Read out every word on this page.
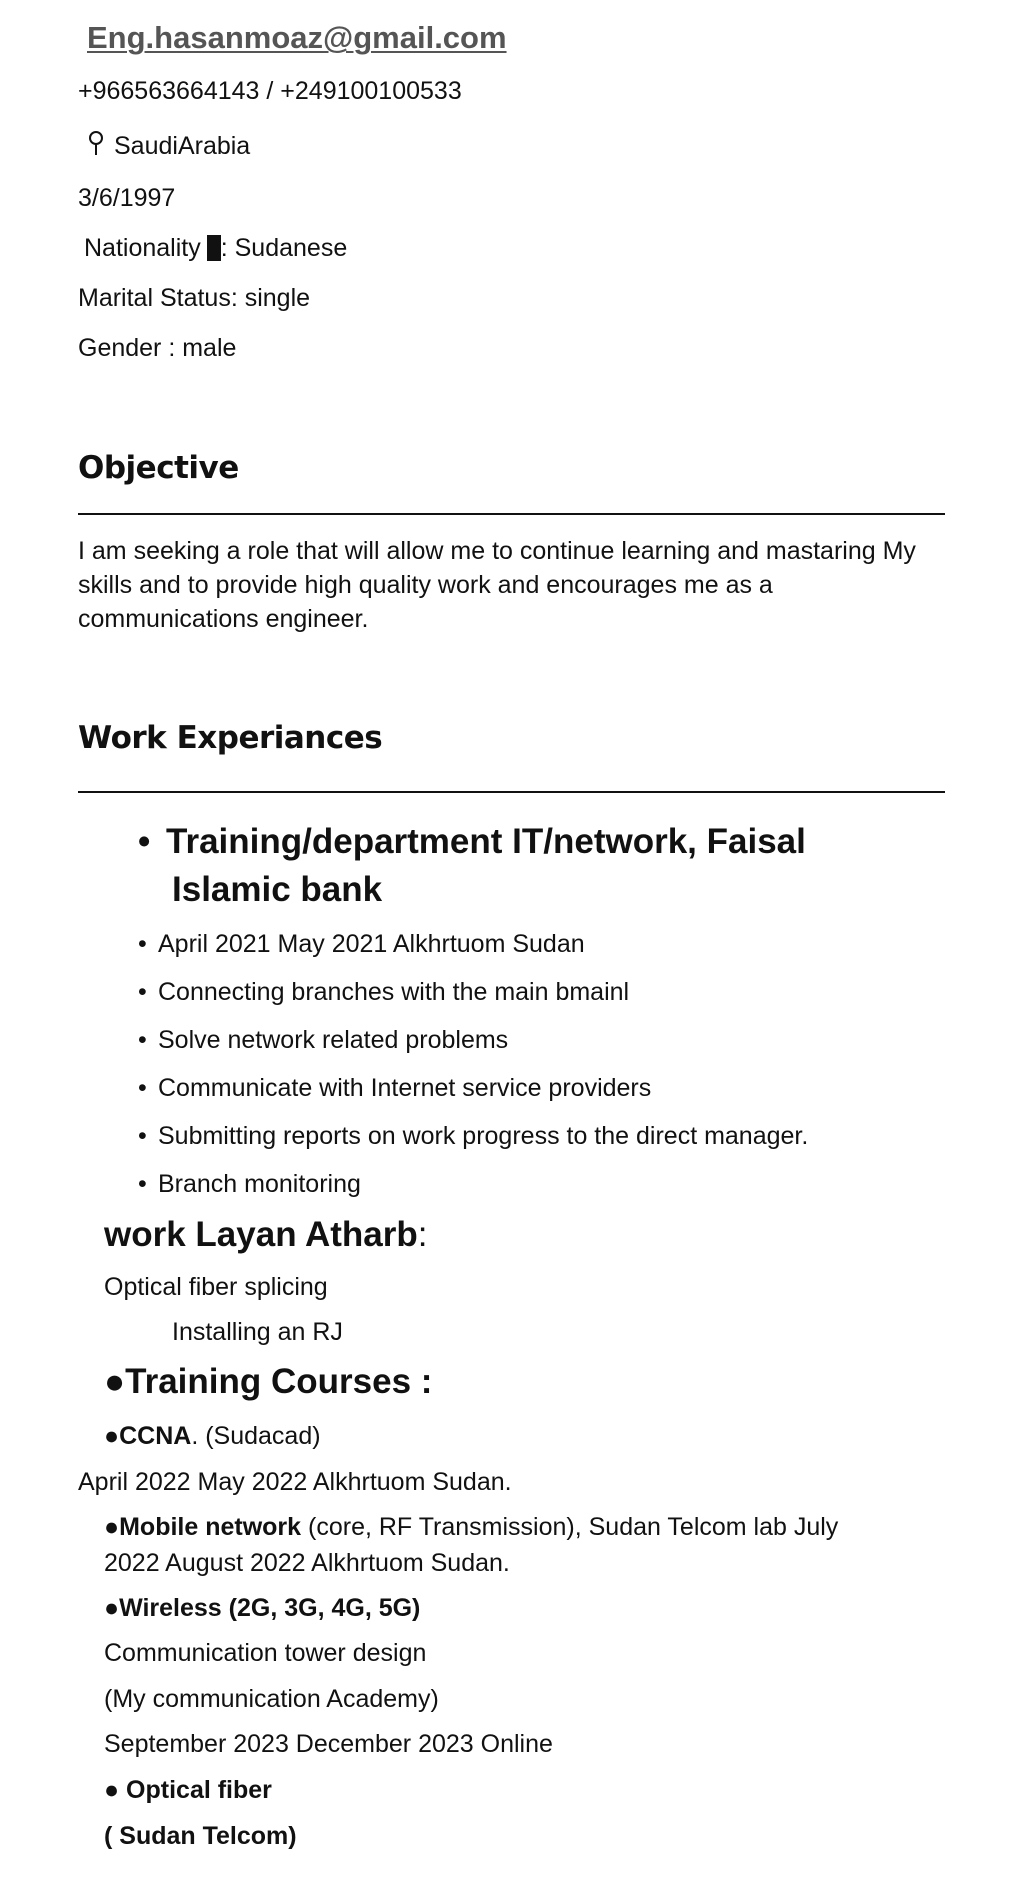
Eng.hasanmoaz@gmail.com
+966563664143 / +249100100533
SaudiArabia
3/6/1997
Nationality : Sudanese
Marital Status: single
Gender : male
Objective
I am seeking a role that will allow me to continue learning and mastaring My skills and to provide high quality work and encourages me as a communications engineer.
Work Experiances
• Training/department IT/network, Faisal
Islamic bank
• April 2021 May 2021 Alkhrtuom Sudan
• Connecting branches with the main bmainl
• Solve network related problems
• Communicate with Internet service providers
• Submitting reports on work progress to the direct manager.
• Branch monitoring
work Layan Atharb:
Optical fiber splicing
Installing an RJ
●Training Courses :
●CCNA. (Sudacad)
April 2022 May 2022 Alkhrtuom Sudan.
●Mobile network (core, RF Transmission), Sudan Telcom lab July
2022 August 2022 Alkhrtuom Sudan.
●Wireless (2G, 3G, 4G, 5G)
Communication tower design
(My communication Academy)
September 2023 December 2023 Online
● Optical fiber
( Sudan Telcom)
